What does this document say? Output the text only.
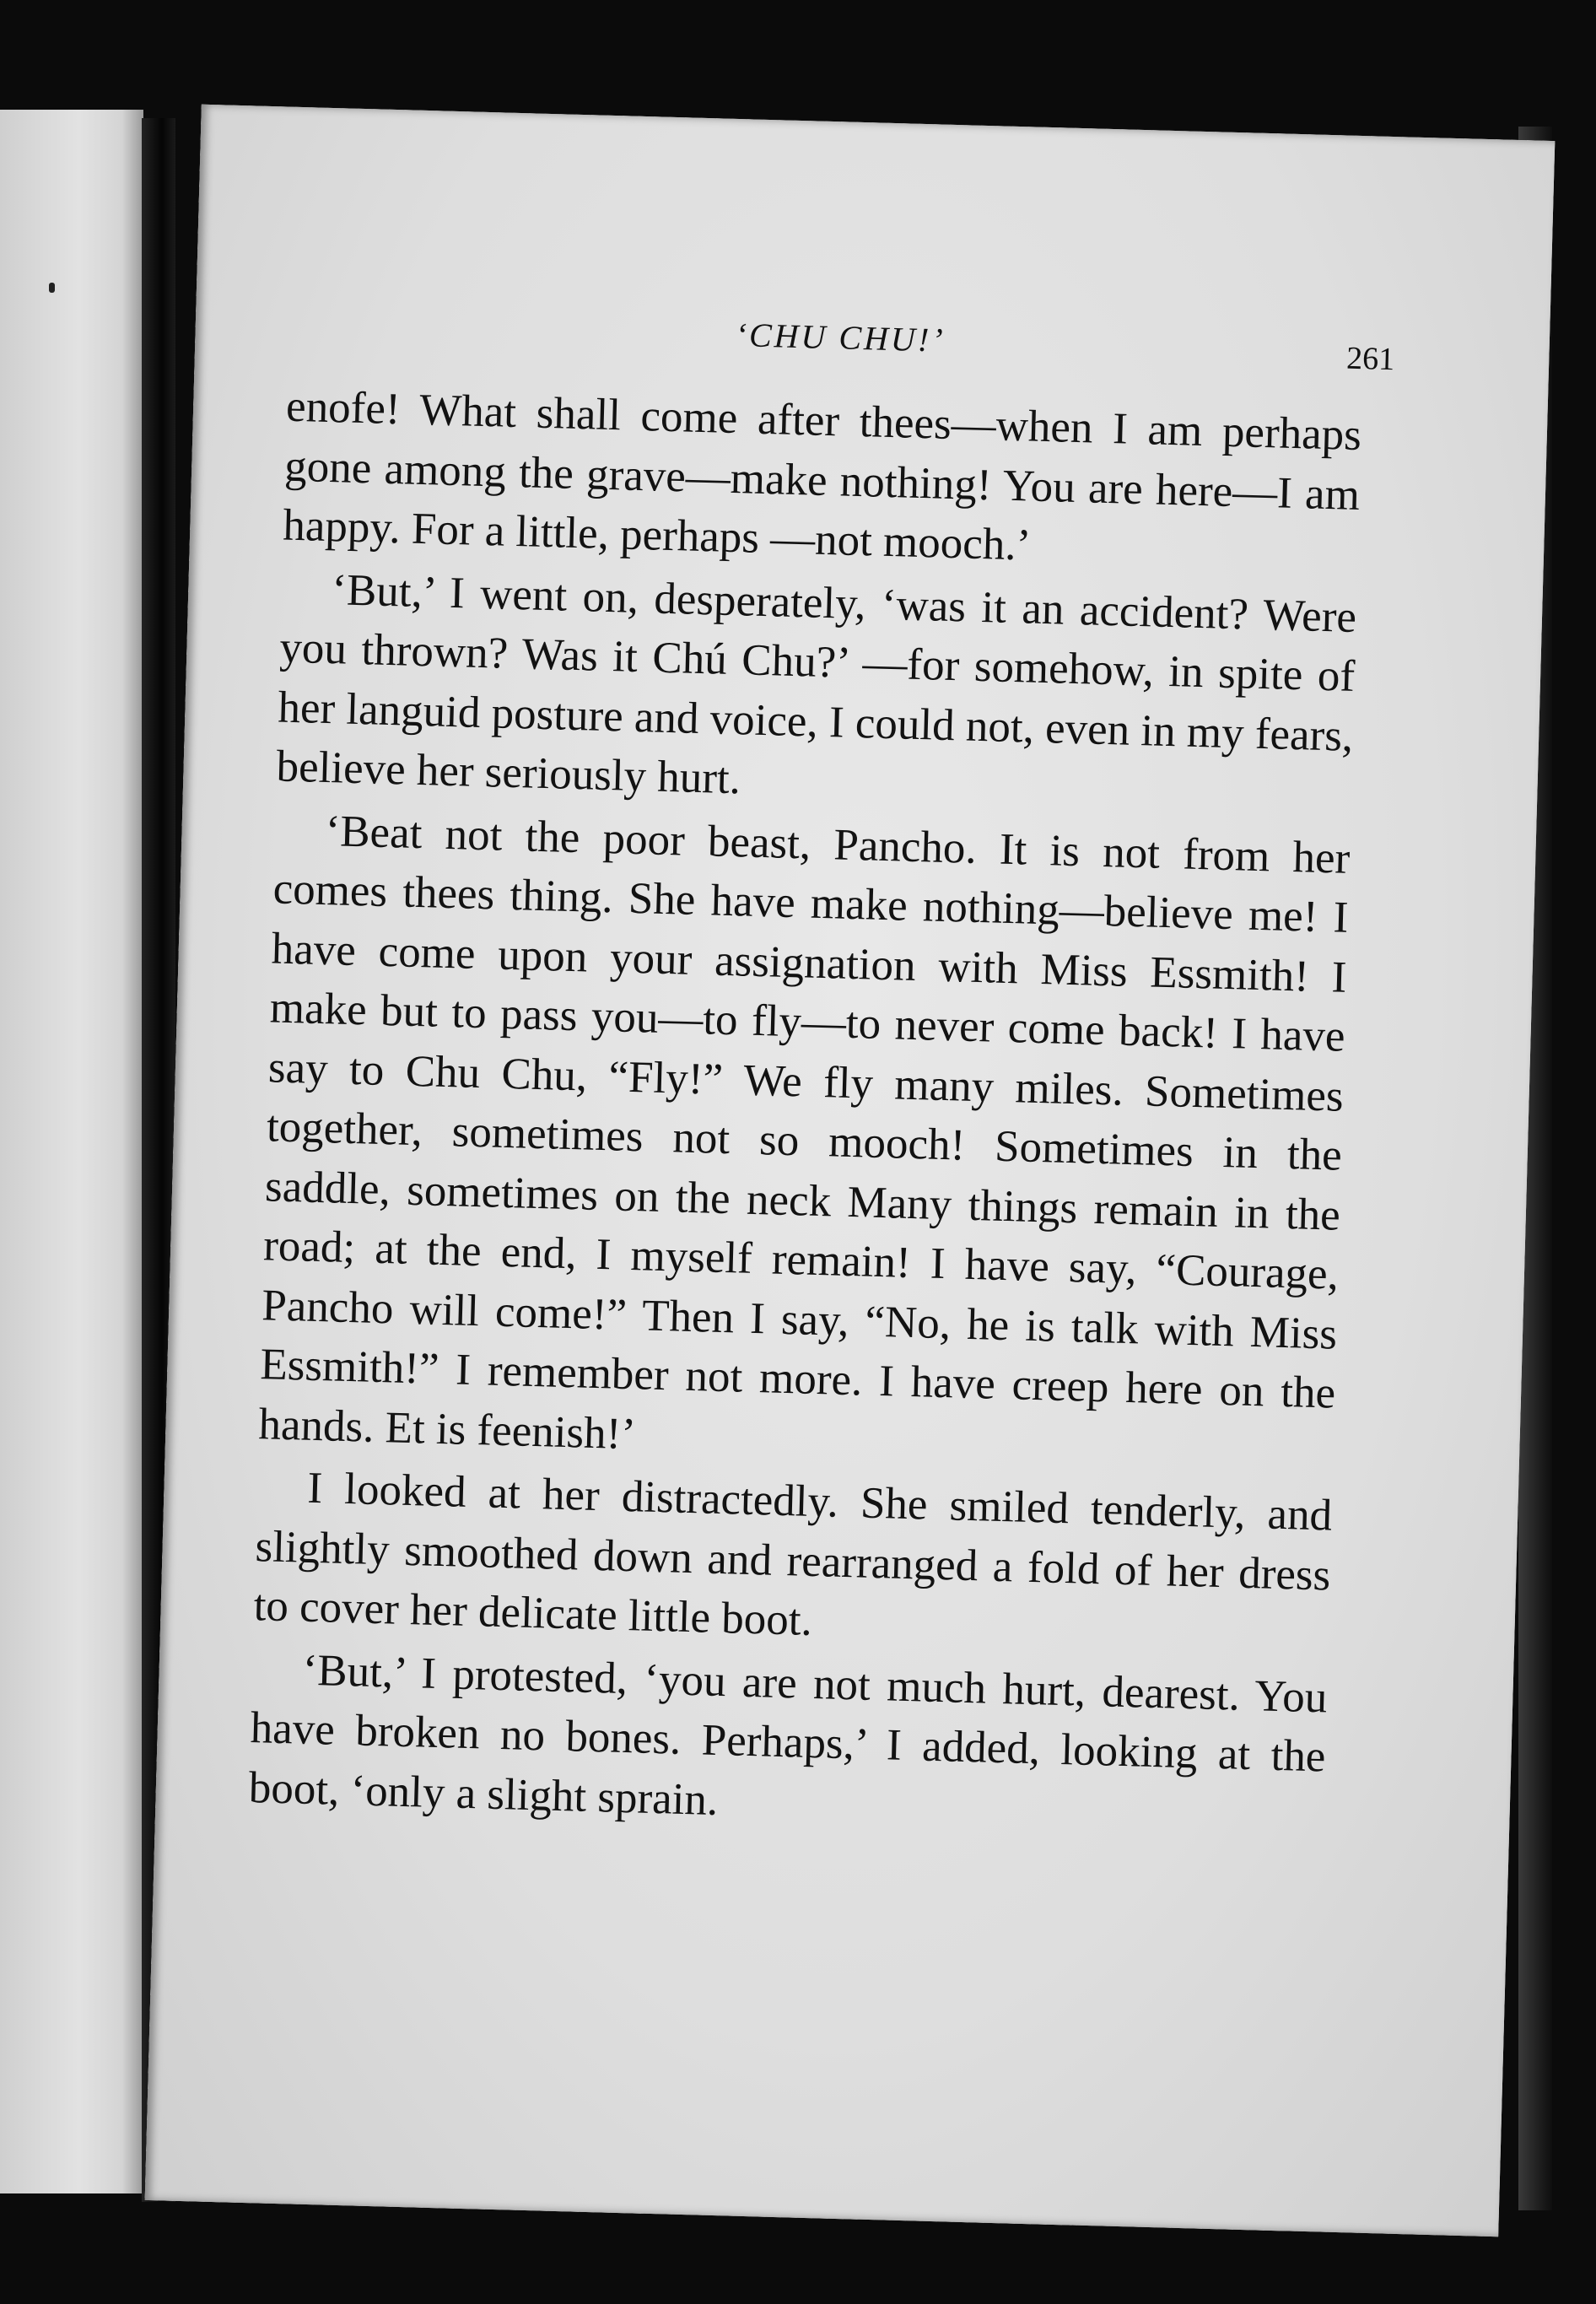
‘CHU CHU!’	261

enofe! What shall come after thees—when I am perhaps gone among the grave—make nothing! You are here—I am happy. For a little, perhaps —not mooch.’

‘But,’ I went on, desperately, ‘was it an accident? Were you thrown? Was it Chú Chu?’ —for somehow, in spite of her languid posture and voice, I could not, even in my fears, believe her seriously hurt.

‘Beat not the poor beast, Pancho. It is not from her comes thees thing. She have make nothing—believe me! I have come upon your assignation with Miss Essmith! I make but to pass you—to fly—to never come back! I have say to Chu Chu, “Fly!” We fly many miles. Sometimes together, sometimes not so mooch! Sometimes in the saddle, sometimes on the neck Many things remain in the road; at the end, I myself remain! I have say, “Courage, Pancho will come!” Then I say, “No, he is talk with Miss Essmith!” I remember not more. I have creep here on the hands. Et is feenish!’

I looked at her distractedly. She smiled tenderly, and slightly smoothed down and rearranged a fold of her dress to cover her delicate little boot.

‘But,’ I protested, ‘you are not much hurt, dearest. You have broken no bones. Perhaps,’ I added, looking at the boot, ‘only a slight sprain.
